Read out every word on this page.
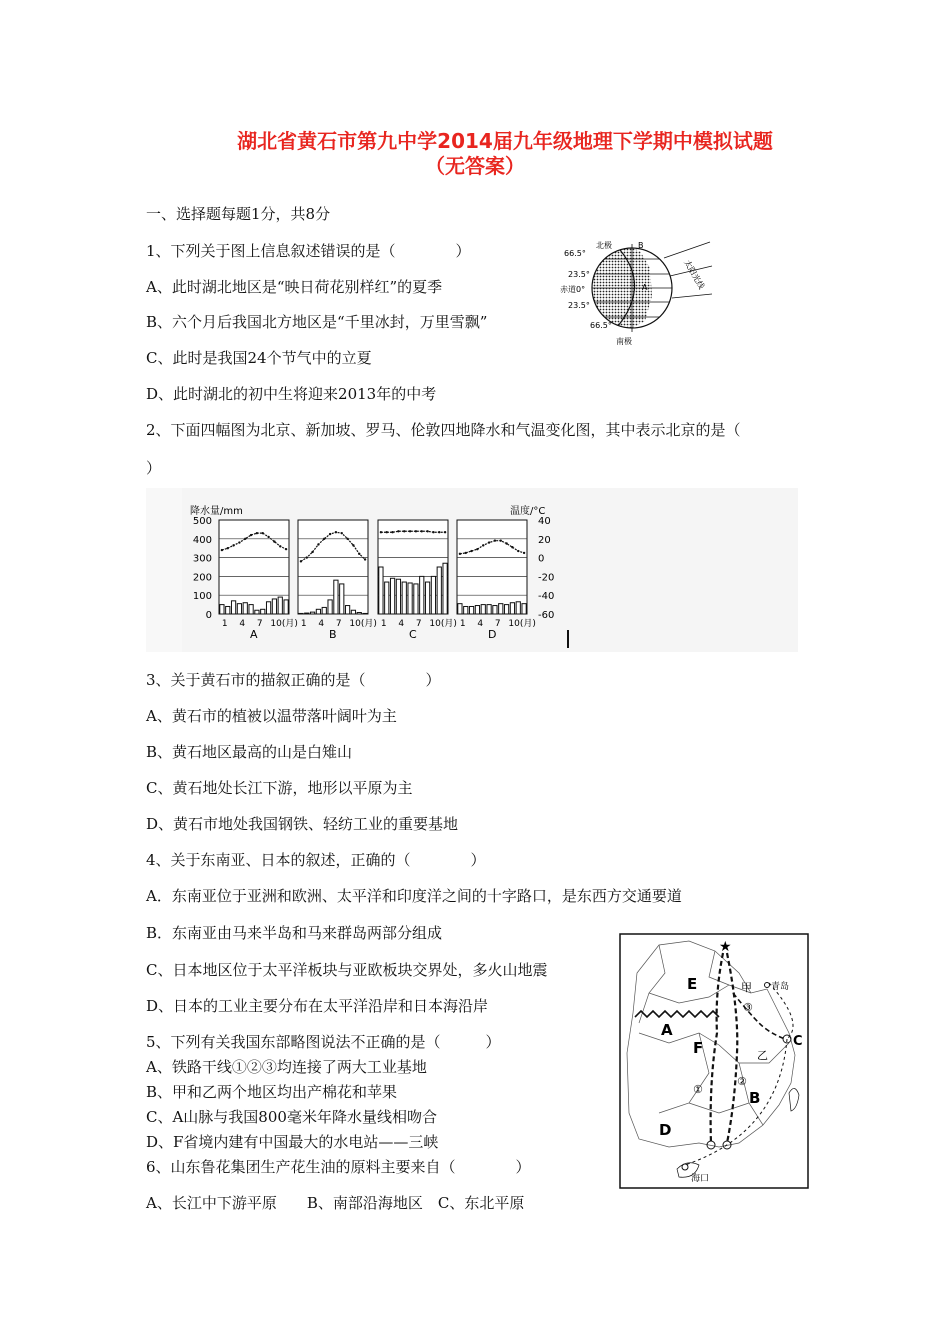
湖北省黄石市第九中学2014届九年级地理下学期中模拟试题
（无答案）
一、选择题每题1分，共8分
1、下列关于图上信息叙述错误的是（　　　　）
A、此时湖北地区是“映日荷花别样红”的夏季
B、六个月后我国北方地区是“千里冰封，万里雪飘”
C、此时是我国24个节气中的立夏
D、此时湖北的初中生将迎来2013年的中考
北极	B
A
南极
66.5°
23.5°
赤道0°
23.5°
66.5°
太阳光线
2、下面四幅图为北京、新加坡、罗马、伦敦四地降水和气温变化图，其中表示北京的是（
）
降水量/mm	温度/°C
500
400
300
200
100
0
40
20
0
-20
-40
-60
1 4 7 10(月)
A
1 4 7 10(月)
B
1 4 7 10(月)
C
1 4 7 10(月)
D
3、关于黄石市的描叙正确的是（　　　　）
A、黄石市的植被以温带落叶阔叶为主
B、黄石地区最高的山是白雉山
C、黄石地处长江下游，地形以平原为主
D、黄石市地处我国钢铁、轻纺工业的重要基地
4、关于东南亚、日本的叙述，正确的（　　　　）
A．东南亚位于亚洲和欧洲、太平洋和印度洋之间的十字路口，是东西方交通要道
B．东南亚由马来半岛和马来群岛两部分组成
C、日本地区位于太平洋板块与亚欧板块交界处，多火山地震
D、日本的工业主要分布在太平洋沿岸和日本海沿岸
5、下列有关我国东部略图说法不正确的是（　　　）
A、铁路干线①②③均连接了两大工业基地
B、甲和乙两个地区均出产棉花和苹果
C、A山脉与我国800毫米年降水量线相吻合
D、F省境内建有中国最大的水电站——三峡
6、山东鲁花集团生产花生油的原料主要来自（　　　　）
A、长江中下游平原　　B、南部沿海地区　C、东北平原
★
E
A
F
B
D
C
甲
乙
青岛
海口
①
②
③
